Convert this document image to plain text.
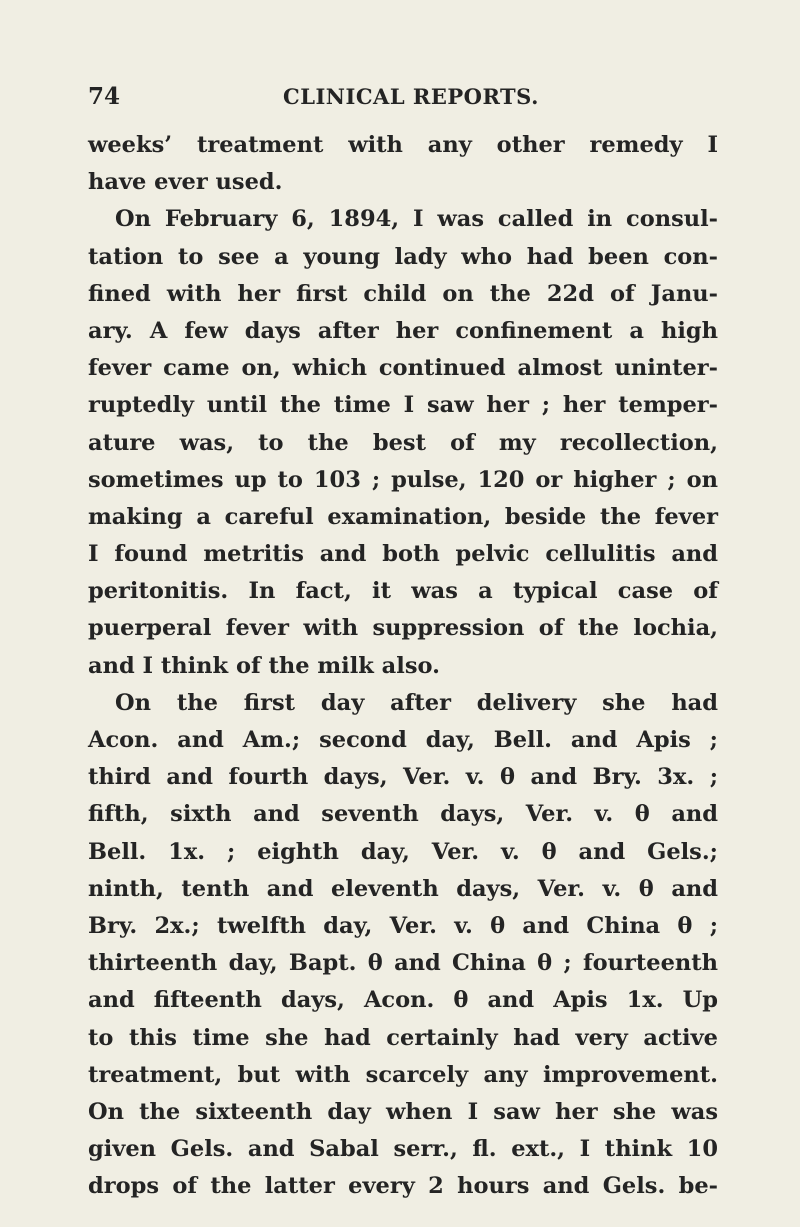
74	CLINICAL REPORTS.
weeks’ treatment with any other remedy I
have ever used.
On February 6, 1894, I was called in consul-
tation to see a young lady who had been con-
fined with her first child on the 22d of Janu-
ary. A few days after her confinement a high
fever came on, which continued almost uninter-
ruptedly until the time I saw her ; her temper-
ature was, to the best of my recollection,
sometimes up to 103 ; pulse, 120 or higher ; on
making a careful examination, beside the fever
I found metritis and both pelvic cellulitis and
peritonitis. In fact, it was a typical case of
puerperal fever with suppression of the lochia,
and I think of the milk also.
On the first day after delivery she had
Acon. and Am.; second day, Bell. and Apis ;
third and fourth days, Ver. v. θ and Bry. 3x. ;
fifth, sixth and seventh days, Ver. v. θ and
Bell. 1x. ; eighth day, Ver. v. θ and Gels.;
ninth, tenth and eleventh days, Ver. v. θ and
Bry. 2x.; twelfth day, Ver. v. θ and China θ ;
thirteenth day, Bapt. θ and China θ ; fourteenth
and fifteenth days, Acon. θ and Apis 1x. Up
to this time she had certainly had very active
treatment, but with scarcely any improvement.
On the sixteenth day when I saw her she was
given Gels. and Sabal serr., fl. ext., I think 10
drops of the latter every 2 hours and Gels. be-
